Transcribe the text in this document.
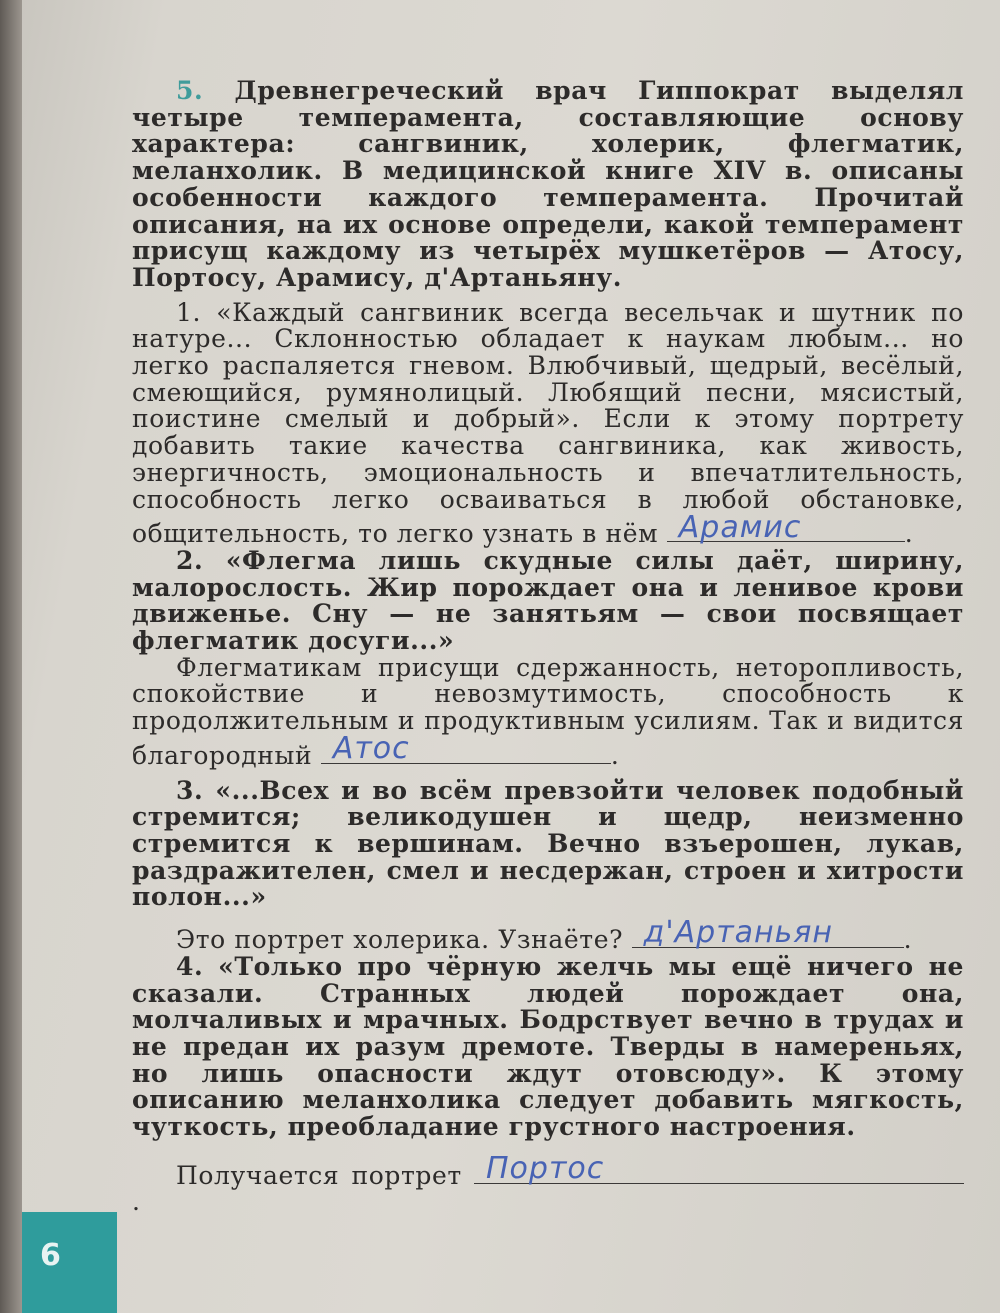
5. Древнегреческий врач Гиппократ выделял четыре темперамента, составляющие основу характера: сангвиник, холерик, флегматик, меланхолик. В медицинской книге XIV в. описаны особенности каждого темперамента. Прочитай описания, на их основе определи, какой темперамент присущ каждому из четырёх мушкетёров — Атосу, Портосу, Арамису, д'Артаньяну.

1. «Каждый сангвиник всегда весельчак и шутник по натуре... Склонностью обладает к наукам любым... но легко распаляется гневом. Влюбчивый, щедрый, весёлый, смеющийся, румянолицый. Любящий песни, мясистый, поистине смелый и добрый». Если к этому портрету добавить такие качества сангвиника, как живость, энергичность, эмоциональность и впечатлительность, способность легко осваиваться в любой обстановке, общительность, то легко узнать в нём Арамис	.

2. «Флегма лишь скудные силы даёт, ширину, малорослость. Жир порождает она и ленивое крови движенье. Сну — не занятьям — свои посвящает флегматик досуги...»

Флегматикам присущи сдержанность, неторопливость, спокойствие и невозмутимость, способность к продолжительным и продуктивным усилиям. Так и видится благородный Атос	.

3. «...Всех и во всём превзойти человек подобный стремится; великодушен и щедр, неизменно стремится к вершинам. Вечно взъерошен, лукав, раздражителен, смел и несдержан, строен и хитрости полон...»

Это портрет холерика. Узнаёте? д'Артаньян	.

4. «Только про чёрную желчь мы ещё ничего не сказали. Странных людей порождает она, молчаливых и мрачных. Бодрствует вечно в трудах и не предан их разум дремоте. Тверды в намереньях, но лишь опасности ждут отовсюду». К этому описанию меланхолика следует добавить мягкость, чуткость, преобладание грустного настроения.

Получается портрет Портос
.

6
